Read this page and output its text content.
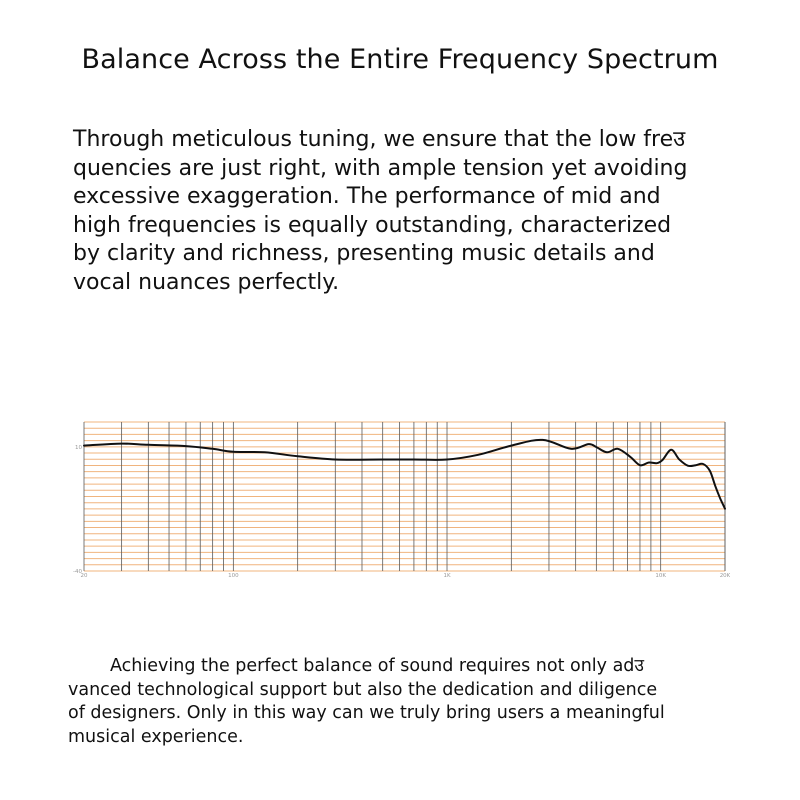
Balance Across the Entire Frequency Spectrum

Through meticulous tuning, we ensure that the low freउ
quencies are just right, with ample tension yet avoiding
excessive exaggeration. The performance of mid and
high frequencies is equally outstanding, characterized
by clarity and richness, presenting music details and
vocal nuances perfectly.

20	100	1K	10K	20K
10
-40

Achieving the perfect balance of sound requires not only adउ
vanced technological support but also the dedication and diligence
of designers. Only in this way can we truly bring users a meaningful
musical experience.
